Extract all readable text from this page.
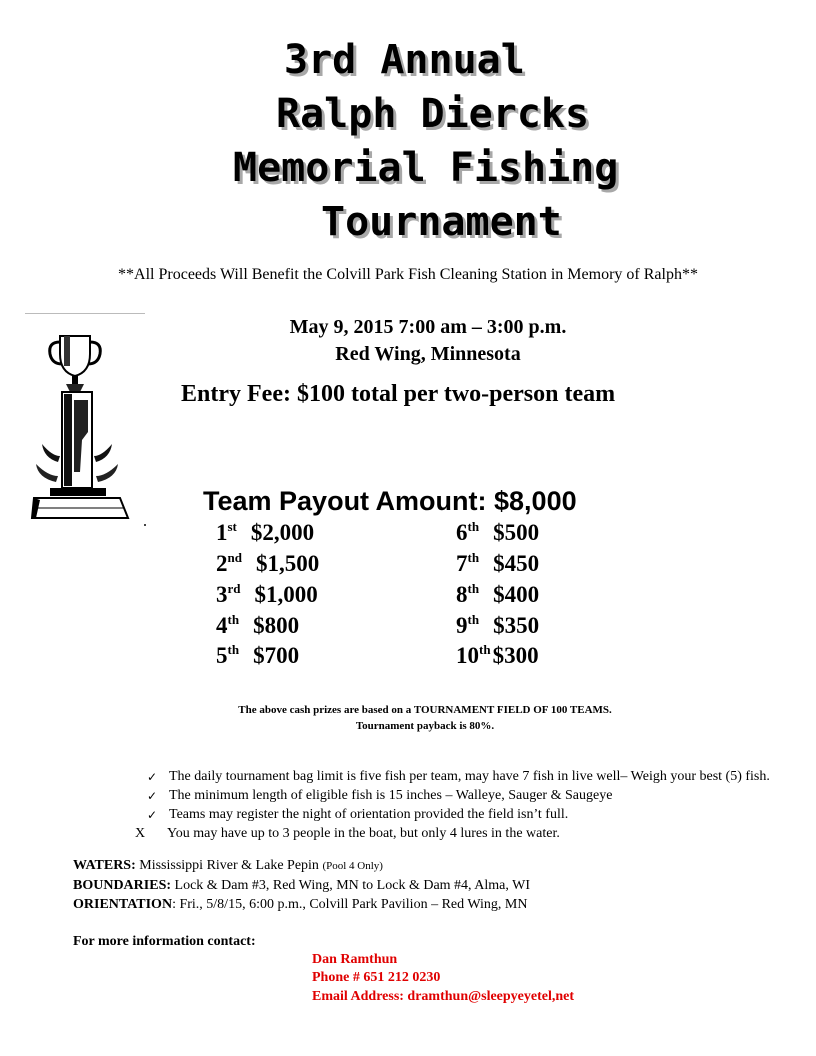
3rd Annual
Ralph Diercks
Memorial Fishing
Tournament
**All Proceeds Will Benefit the Colvill Park Fish Cleaning Station in Memory of Ralph**
May 9, 2015 7:00 am – 3:00 p.m.
Red Wing, Minnesota
Entry Fee: $100 total per two-person team
Team Payout Amount: $8,000
1st $2,000
2nd $1,500
3rd $1,000
4th $800
5th $700
6th $500
7th $450
8th $400
9th $350
10th$300
The above cash prizes are based on a TOURNAMENT FIELD OF 100 TEAMS.
Tournament payback is 80%.
✓ The daily tournament bag limit is five fish per team, may have 7 fish in live well– Weigh your best (5) fish.
✓ The minimum length of eligible fish is 15 inches – Walleye, Sauger & Saugeye
✓ Teams may register the night of orientation provided the field isn’t full.
X You may have up to 3 people in the boat, but only 4 lures in the water.
WATERS: Mississippi River & Lake Pepin (Pool 4 Only)
BOUNDARIES: Lock & Dam #3, Red Wing, MN to Lock & Dam #4, Alma, WI
ORIENTATION: Fri., 5/8/15, 6:00 p.m., Colvill Park Pavilion – Red Wing, MN
For more information contact:
Dan Ramthun
Phone # 651 212 0230
Email Address: dramthun@sleepyeyetel,net
